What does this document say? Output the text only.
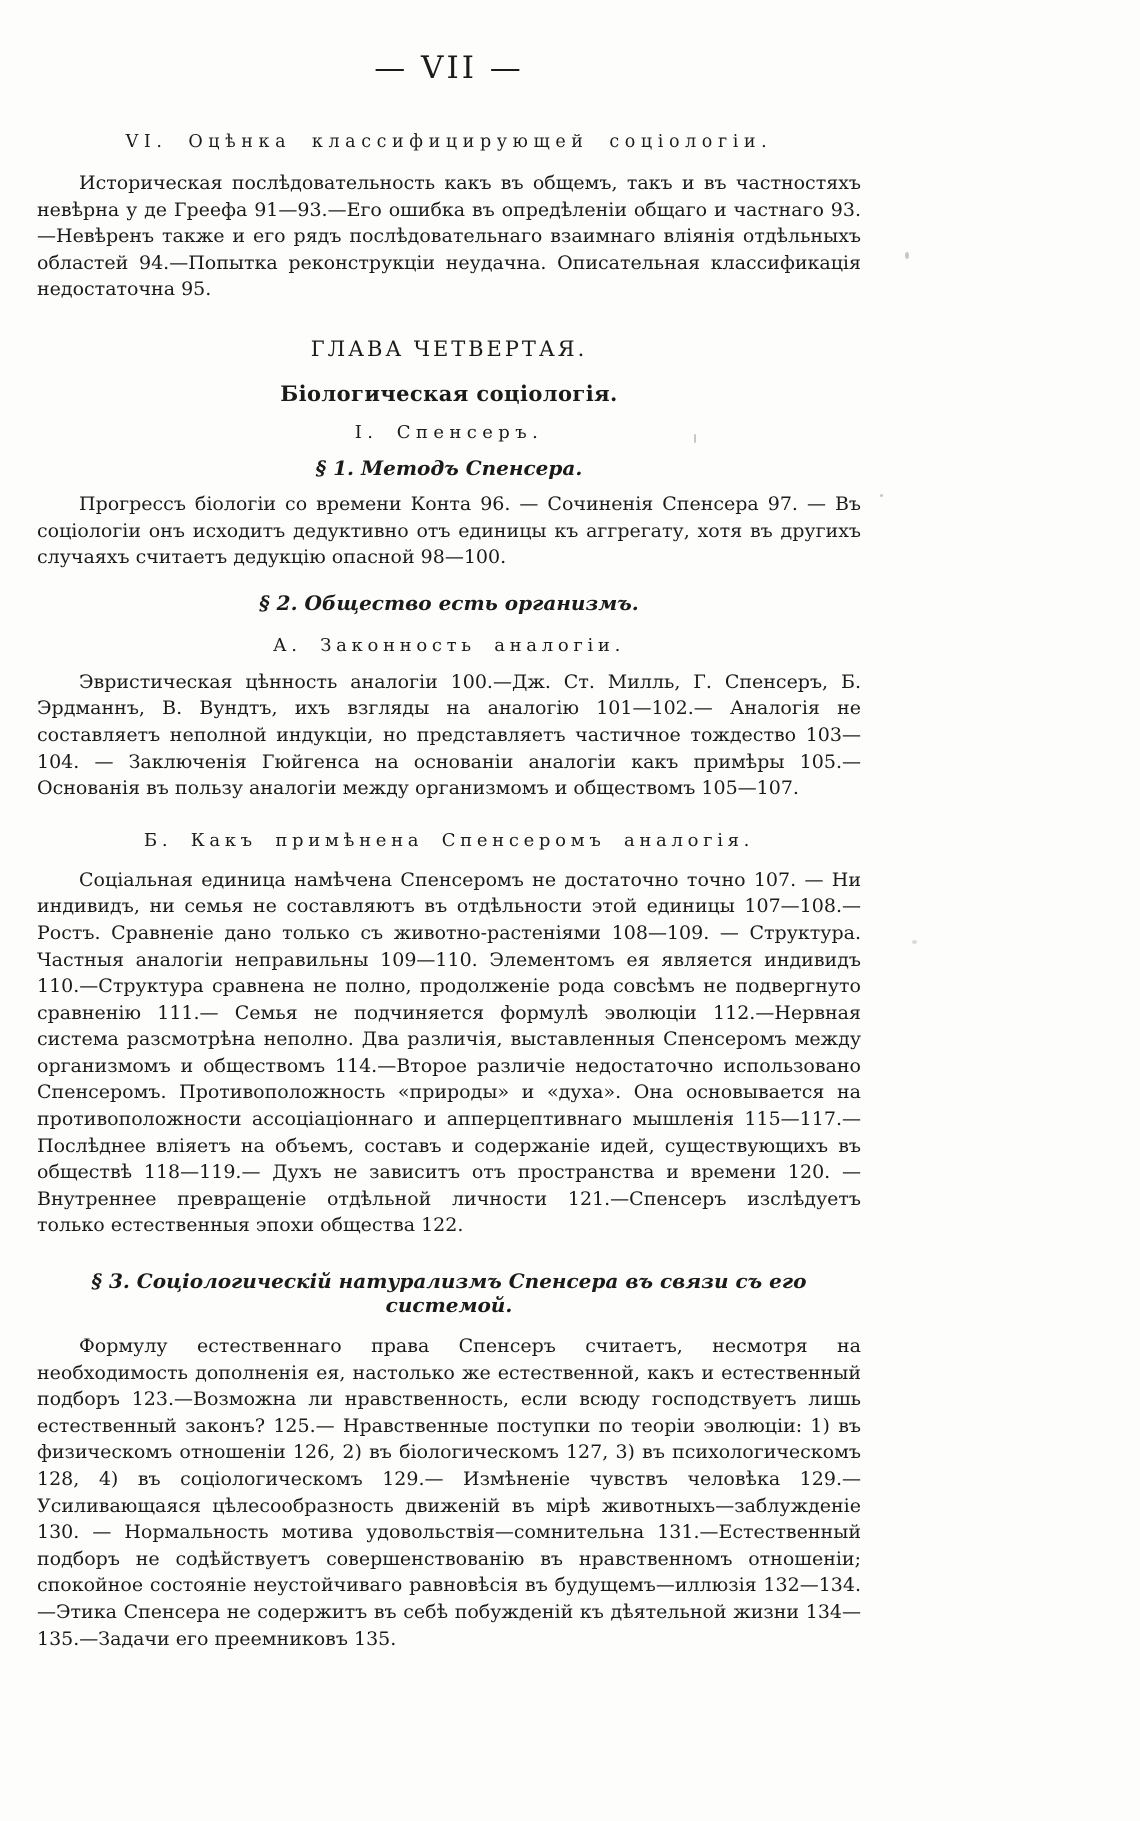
— VII —
VI. Оцѣнка классифицирующей соціологіи.

Историческая послѣдовательность какъ въ общемъ, такъ и въ частностяхъ невѣрна у де Греефа 91—93.—Его ошибка въ опредѣленіи общаго и частнаго 93.—Невѣренъ также и его рядъ послѣдовательнаго взаимнаго вліянія отдѣльныхъ областей 94.—Попытка реконструкціи неудачна. Описательная классификація недостаточна 95.

ГЛАВА ЧЕТВЕРТАЯ.
Біологическая соціологія.
I. Спенсеръ.
§ 1. Методъ Спенсера.

Прогрессъ біологіи со времени Конта 96. — Сочиненія Спенсера 97. — Въ соціологіи онъ исходитъ дедуктивно отъ единицы къ аггрегату, хотя въ другихъ случаяхъ считаетъ дедукцію опасной 98—100.

§ 2. Общество есть организмъ.
А. Законность аналогіи.

Эвристическая цѣнность аналогіи 100.—Дж. Ст. Милль, Г. Спенсеръ, Б. Эрдманнъ, В. Вундтъ, ихъ взгляды на аналогію 101—102.— Аналогія не составляетъ неполной индукціи, но представляетъ частичное тождество 103—104. — Заключенія Гюйгенса на основаніи аналогіи какъ примѣры 105.—Основанія въ пользу аналогіи между организмомъ и обществомъ 105—107.

Б. Какъ примѣнена Спенсеромъ аналогія.

Соціальная единица намѣчена Спенсеромъ не достаточно точно 107. — Ни индивидъ, ни семья не составляютъ въ отдѣльности этой единицы 107—108.— Ростъ. Сравненіе дано только съ животно-растеніями 108—109. — Структура. Частныя аналогіи неправильны 109—110. Элементомъ ея является индивидъ 110.—Структура сравнена не полно, продолженіе рода совсѣмъ не подвергнуто сравненію 111.— Семья не подчиняется формулѣ эволюціи 112.—Нервная система разсмотрѣна неполно. Два различія, выставленныя Спенсеромъ между организмомъ и обществомъ 114.—Второе различіе недостаточно использовано Спенсеромъ. Противоположность «природы» и «духа». Она основывается на противоположности ассоціаціоннаго и апперцептивнаго мышленія 115—117.—Послѣднее вліяетъ на объемъ, составъ и содержаніе идей, существующихъ въ обществѣ 118—119.— Духъ не зависитъ отъ пространства и времени 120. — Внутреннее превращеніе отдѣльной личности 121.—Спенсеръ изслѣдуетъ только естественныя эпохи общества 122.

§ 3. Соціологическій натурализмъ Спенсера въ связи съ его системой.

Формулу естественнаго права Спенсеръ считаетъ, несмотря на необходимость дополненія ея, настолько же естественной, какъ и естественный подборъ 123.—Возможна ли нравственность, если всюду господствуетъ лишь естественный законъ? 125.— Нравственные поступки по теоріи эволюціи: 1) въ физическомъ отношеніи 126, 2) въ біологическомъ 127, 3) въ психологическомъ 128, 4) въ соціологическомъ 129.— Измѣненіе чувствъ человѣка 129.— Усиливающаяся цѣлесообразность движеній въ мірѣ животныхъ—заблужденіе 130. — Нормальность мотива удовольствія—сомнительна 131.—Естественный подборъ не содѣйствуетъ совершенствованію въ нравственномъ отношеніи; спокойное состояніе неустойчиваго равновѣсія въ будущемъ—иллюзія 132—134.—Этика Спенсера не содержитъ въ себѣ побужденій къ дѣятельной жизни 134—135.—Задачи его преемниковъ 135.
